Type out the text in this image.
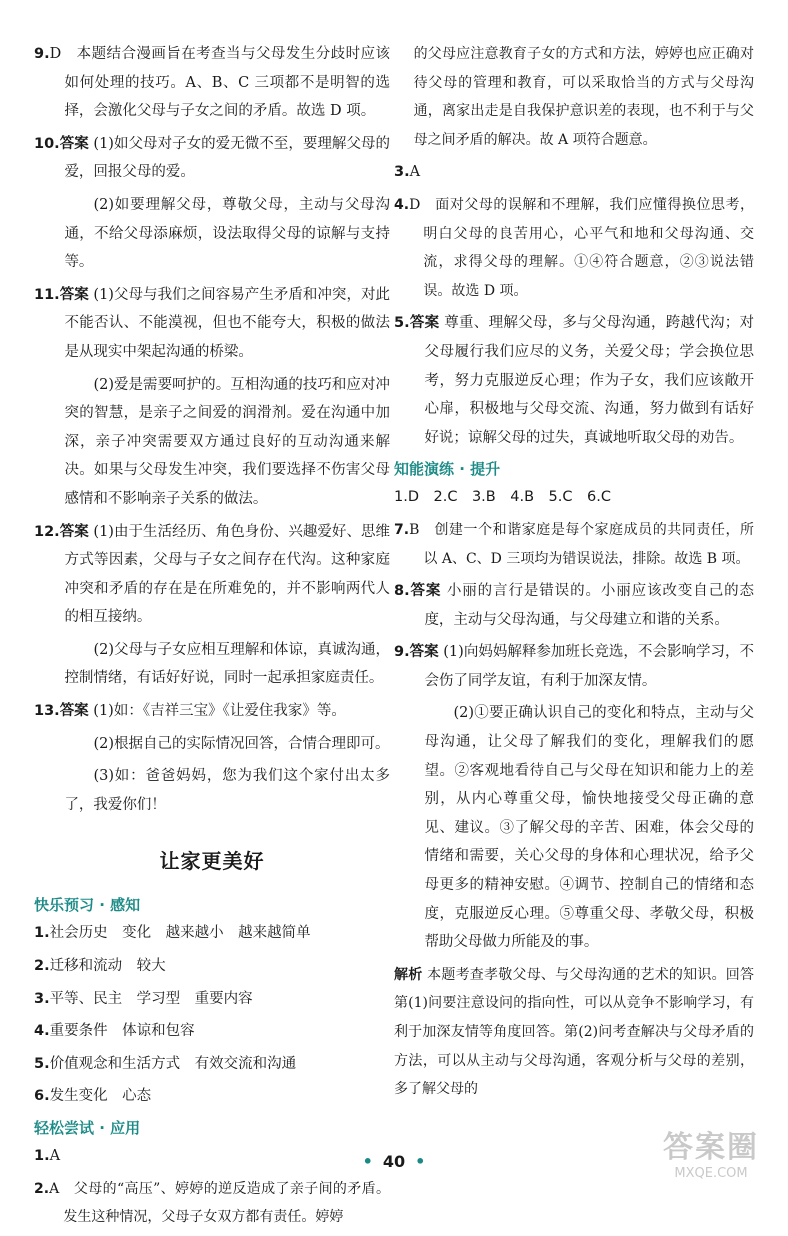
9.D　本题结合漫画旨在考查当与父母发生分歧时应该如何处理的技巧。A、B、C 三项都不是明智的选择，会激化父母与子女之间的矛盾。故选 D 项。

10.答案 (1)如父母对子女的爱无微不至，要理解父母的爱，回报父母的爱。

(2)如要理解父母，尊敬父母，主动与父母沟通，不给父母添麻烦，设法取得父母的谅解与支持等。

11.答案 (1)父母与我们之间容易产生矛盾和冲突，对此不能否认、不能漠视，但也不能夸大，积极的做法是从现实中架起沟通的桥梁。

(2)爱是需要呵护的。互相沟通的技巧和应对冲突的智慧，是亲子之间爱的润滑剂。爱在沟通中加深，亲子冲突需要双方通过良好的互动沟通来解决。如果与父母发生冲突，我们要选择不伤害父母感情和不影响亲子关系的做法。

12.答案 (1)由于生活经历、角色身份、兴趣爱好、思维方式等因素，父母与子女之间存在代沟。这种家庭冲突和矛盾的存在是在所难免的，并不影响两代人的相互接纳。

(2)父母与子女应相互理解和体谅，真诚沟通，控制情绪，有话好好说，同时一起承担家庭责任。

13.答案 (1)如：《吉祥三宝》《让爱住我家》等。

(2)根据自己的实际情况回答，合情合理即可。

(3)如：爸爸妈妈，您为我们这个家付出太多了，我爱你们！

让家更美好
快乐预习 · 感知

1.社会历史　变化　越来越小　越来越简单

2.迁移和流动　较大

3.平等、民主　学习型　重要内容

4.重要条件　体谅和包容

5.价值观念和生活方式　有效交流和沟通

6.发生变化　心态

轻松尝试 · 应用

1.A

2.A　父母的“高压”、婷婷的逆反造成了亲子间的矛盾。发生这种情况，父母子女双方都有责任。婷婷

的父母应注意教育子女的方式和方法，婷婷也应正确对待父母的管理和教育，可以采取恰当的方式与父母沟通，离家出走是自我保护意识差的表现，也不利于与父母之间矛盾的解决。故 A 项符合题意。

3.A

4.D　面对父母的误解和不理解，我们应懂得换位思考，明白父母的良苦用心，心平气和地和父母沟通、交流，求得父母的理解。①④符合题意，②③说法错误。故选 D 项。

5.答案 尊重、理解父母，多与父母沟通，跨越代沟；对父母履行我们应尽的义务，关爱父母；学会换位思考，努力克服逆反心理；作为子女，我们应该敞开心扉，积极地与父母交流、沟通，努力做到有话好好说；谅解父母的过失，真诚地听取父母的劝告。

知能演练 · 提升

1.D　2.C　3.B　4.B　5.C　6.C

7.B　创建一个和谐家庭是每个家庭成员的共同责任，所以 A、C、D 三项均为错误说法，排除。故选 B 项。

8.答案 小丽的言行是错误的。小丽应该改变自己的态度，主动与父母沟通，与父母建立和谐的关系。

9.答案 (1)向妈妈解释参加班长竞选，不会影响学习，不会伤了同学友谊，有利于加深友情。

(2)①要正确认识自己的变化和特点，主动与父母沟通，让父母了解我们的变化，理解我们的愿望。②客观地看待自己与父母在知识和能力上的差别，从内心尊重父母，愉快地接受父母正确的意见、建议。③了解父母的辛苦、困难，体会父母的情绪和需要，关心父母的身体和心理状况，给予父母更多的精神安慰。④调节、控制自己的情绪和态度，克服逆反心理。⑤尊重父母、孝敬父母，积极帮助父母做力所能及的事。

解析 本题考查孝敬父母、与父母沟通的艺术的知识。回答第(1)问要注意设问的指向性，可以从竞争不影响学习，有利于加深友情等角度回答。第(2)问考查解决与父母矛盾的方法，可以从主动与父母沟通，客观分析与父母的差别，多了解父母的

• 40 •	答案圈
MXQE.COM
